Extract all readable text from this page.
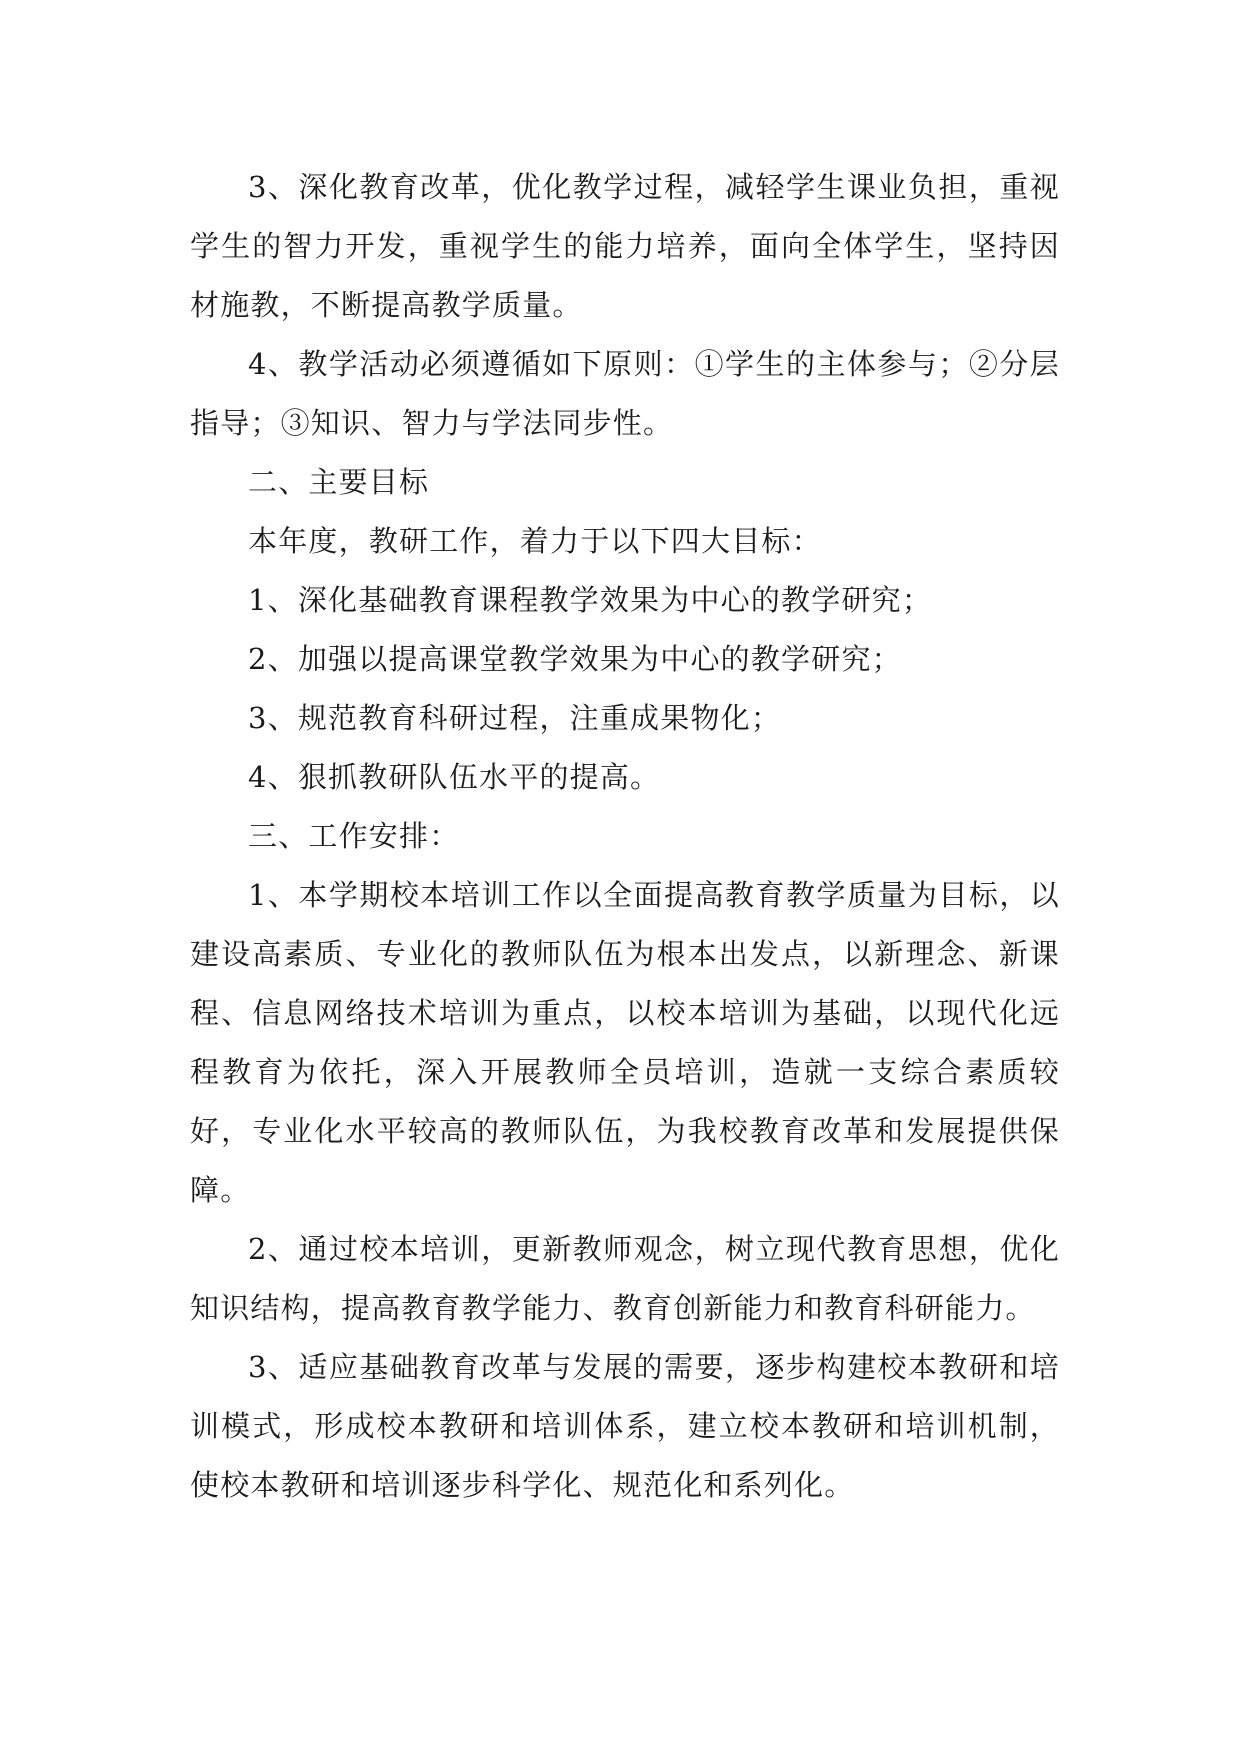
3、深化教育改革，优化教学过程，减轻学生课业负担，重视学生的智力开发，重视学生的能力培养，面向全体学生，坚持因材施教，不断提高教学质量。

4、教学活动必须遵循如下原则：①学生的主体参与；②分层指导；③知识、智力与学法同步性。

二、主要目标

本年度，教研工作，着力于以下四大目标：

1、深化基础教育课程教学效果为中心的教学研究；

2、加强以提高课堂教学效果为中心的教学研究；

3、规范教育科研过程，注重成果物化；

4、狠抓教研队伍水平的提高。

三、工作安排：

1、本学期校本培训工作以全面提高教育教学质量为目标，以建设高素质、专业化的教师队伍为根本出发点，以新理念、新课程、信息网络技术培训为重点，以校本培训为基础，以现代化远程教育为依托，深入开展教师全员培训，造就一支综合素质较好，专业化水平较高的教师队伍，为我校教育改革和发展提供保障。

2、通过校本培训，更新教师观念，树立现代教育思想，优化知识结构，提高教育教学能力、教育创新能力和教育科研能力。

3、适应基础教育改革与发展的需要，逐步构建校本教研和培训模式，形成校本教研和培训体系，建立校本教研和培训机制，使校本教研和培训逐步科学化、规范化和系列化。
